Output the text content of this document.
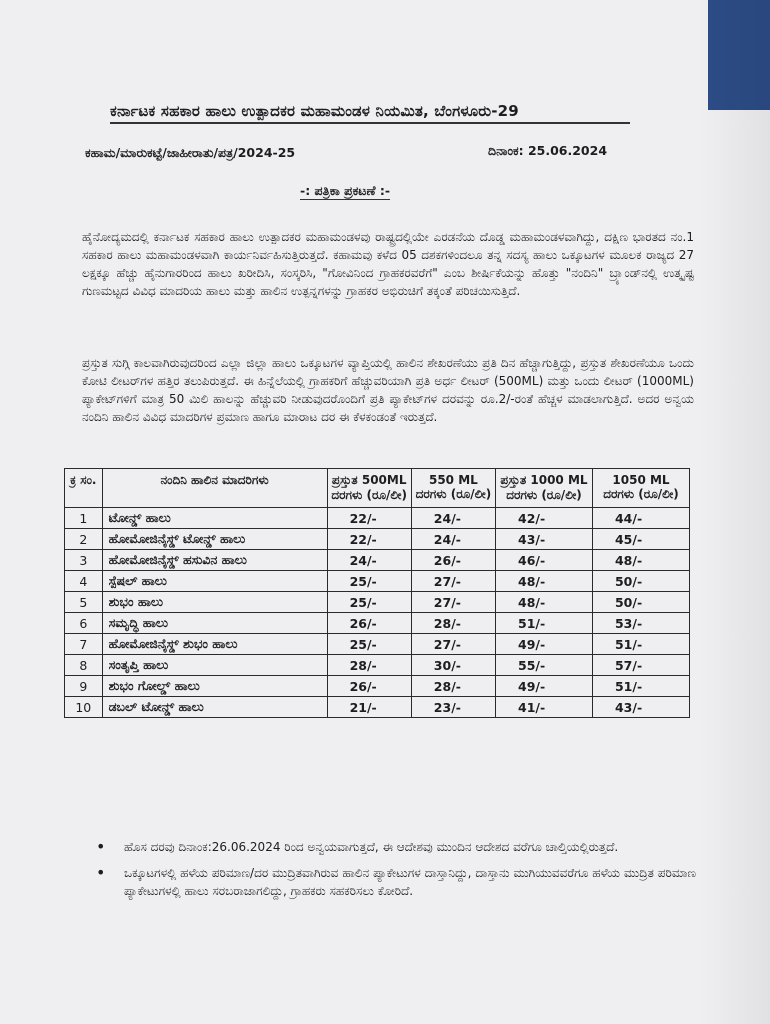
ಕರ್ನಾಟಕ ಸಹಕಾರ ಹಾಲು ಉತ್ಪಾದಕರ ಮಹಾಮಂಡಳ ನಿಯಮಿತ, ಬೆಂಗಳೂರು-29
ಕಹಾಮ/ಮಾರುಕಟ್ಟೆ/ಜಾಹೀರಾತು/ಪತ್ರ/2024-25	ದಿನಾಂಕ: 25.06.2024
-: ಪತ್ರಿಕಾ ಪ್ರಕಟಣೆ :-

ಹೈನೋದ್ಯಮದಲ್ಲಿ ಕರ್ನಾಟಕ ಸಹಕಾರ ಹಾಲು ಉತ್ಪಾದಕರ ಮಹಾಮಂಡಳವು ರಾಷ್ಟ್ರದಲ್ಲಿಯೇ ಎರಡನೆಯ ದೊಡ್ಡ ಮಹಾಮಂಡಳವಾಗಿದ್ದು, ದಕ್ಷಿಣ ಭಾರತದ ನಂ.1 ಸಹಕಾರ ಹಾಲು ಮಹಾಮಂಡಳವಾಗಿ ಕಾರ್ಯನಿರ್ವಹಿಸುತ್ತಿರುತ್ತದೆ. ಕಹಾಮವು ಕಳೆದ 05 ದಶಕಗಳಿಂದಲೂ ತನ್ನ ಸದಸ್ಯ ಹಾಲು ಒಕ್ಕೂಟಗಳ ಮೂಲಕ ರಾಜ್ಯದ 27 ಲಕ್ಷಕ್ಕೂ ಹೆಚ್ಚು ಹೈನುಗಾರರಿಂದ ಹಾಲು ಖರೀದಿಸಿ, ಸಂಸ್ಕರಿಸಿ, "ಗೋವಿನಿಂದ ಗ್ರಾಹಕರವರೆಗೆ" ಎಂಬ ಶೀರ್ಷಿಕೆಯನ್ನು ಹೊತ್ತು "ನಂದಿನಿ" ಬ್ರ್ಯಾಂಡ್‌ನಲ್ಲಿ ಉತ್ಕೃಷ್ಟ ಗುಣಮಟ್ಟದ ವಿವಿಧ ಮಾದರಿಯ ಹಾಲು ಮತ್ತು ಹಾಲಿನ ಉತ್ಪನ್ನಗಳನ್ನು ಗ್ರಾಹಕರ ಅಭಿರುಚಿಗೆ ತಕ್ಕಂತೆ ಪರಿಚಯಿಸುತ್ತಿದೆ.

ಪ್ರಸ್ತುತ ಸುಗ್ಗಿ ಕಾಲವಾಗಿರುವುದರಿಂದ ಎಲ್ಲಾ ಜಿಲ್ಲಾ ಹಾಲು ಒಕ್ಕೂಟಗಳ ವ್ಯಾಪ್ತಿಯಲ್ಲಿ ಹಾಲಿನ ಶೇಖರಣೆಯು ಪ್ರತಿ ದಿನ ಹೆಚ್ಚಾಗುತ್ತಿದ್ದು, ಪ್ರಸ್ತುತ ಶೇಖರಣೆಯೂ ಒಂದು ಕೋಟಿ ಲೀಟರ್‌ಗಳ ಹತ್ತಿರ ತಲುಪಿರುತ್ತದೆ. ಈ ಹಿನ್ನೆಲೆಯಲ್ಲಿ ಗ್ರಾಹಕರಿಗೆ ಹೆಚ್ಚುವರಿಯಾಗಿ ಪ್ರತಿ ಅರ್ಧ ಲೀಟರ್ (500ML) ಮತ್ತು ಒಂದು ಲೀಟರ್ (1000ML) ಪ್ಯಾಕೇಟ್‌ಗಳಿಗೆ ಮಾತ್ರ 50 ಮಿಲಿ ಹಾಲನ್ನು ಹೆಚ್ಚುವರಿ ನೀಡುವುದರೊಂದಿಗೆ ಪ್ರತಿ ಪ್ಯಾಕೇಟ್‌ಗಳ ದರವನ್ನು ರೂ.2/-ರಂತೆ ಹೆಚ್ಚಳ ಮಾಡಲಾಗುತ್ತಿದೆ. ಅದರ ಅನ್ವಯ ನಂದಿನಿ ಹಾಲಿನ ವಿವಿಧ ಮಾದರಿಗಳ ಪ್ರಮಾಣ ಹಾಗೂ ಮಾರಾಟ ದರ ಈ ಕೆಳಕಂಡಂತೆ ಇರುತ್ತದೆ.

ಕ್ರ ಸಂ.	ನಂದಿನಿ ಹಾಲಿನ ಮಾದರಿಗಳು	ಪ್ರಸ್ತುತ 500ML ದರಗಳು (ರೂ/ಲೀ)	550 ML ದರಗಳು (ರೂ/ಲೀ)	ಪ್ರಸ್ತುತ 1000 ML ದರಗಳು (ರೂ/ಲೀ)	1050 ML ದರಗಳು (ರೂ/ಲೀ)
1	ಟೋನ್ಡ್ ಹಾಲು	22/-	24/-	42/-	44/-
2	ಹೋಮೋಜಿನೈಸ್ಡ್ ಟೋನ್ಡ್ ಹಾಲು	22/-	24/-	43/-	45/-
3	ಹೋಮೋಜಿನೈಸ್ಡ್ ಹಸುವಿನ ಹಾಲು	24/-	26/-	46/-	48/-
4	ಸ್ಪೆಷಲ್ ಹಾಲು	25/-	27/-	48/-	50/-
5	ಶುಭಂ ಹಾಲು	25/-	27/-	48/-	50/-
6	ಸಮೃದ್ಧಿ ಹಾಲು	26/-	28/-	51/-	53/-
7	ಹೋಮೋಜಿನೈಸ್ಡ್ ಶುಭಂ ಹಾಲು	25/-	27/-	49/-	51/-
8	ಸಂತೃಪ್ತಿ ಹಾಲು	28/-	30/-	55/-	57/-
9	ಶುಭಂ ಗೋಲ್ಡ್ ಹಾಲು	26/-	28/-	49/-	51/-
10	ಡಬಲ್ ಟೋನ್ಡ್ ಹಾಲು	21/-	23/-	41/-	43/-
• ಹೊಸ ದರವು ದಿನಾಂಕ:26.06.2024 ರಿಂದ ಅನ್ವಯವಾಗುತ್ತದೆ, ಈ ಆದೇಶವು ಮುಂದಿನ ಆದೇಶದ ವರೆಗೂ ಚಾಲ್ತಿಯಲ್ಲಿರುತ್ತದೆ.
• ಒಕ್ಕೂಟಗಳಲ್ಲಿ ಹಳೆಯ ಪರಿಮಾಣ/ದರ ಮುದ್ರಿತವಾಗಿರುವ ಹಾಲಿನ ಪ್ಯಾಕೇಟುಗಳ ದಾಸ್ತಾನಿದ್ದು, ದಾಸ್ತಾನು ಮುಗಿಯುವವರೆಗೂ ಹಳೆಯ ಮುದ್ರಿತ ಪರಿಮಾಣ ಪ್ಯಾಕೇಟುಗಳಲ್ಲಿ ಹಾಲು ಸರಬರಾಜಾಗಲಿದ್ದು, ಗ್ರಾಹಕರು ಸಹಕರಿಸಲು ಕೋರಿದೆ.
